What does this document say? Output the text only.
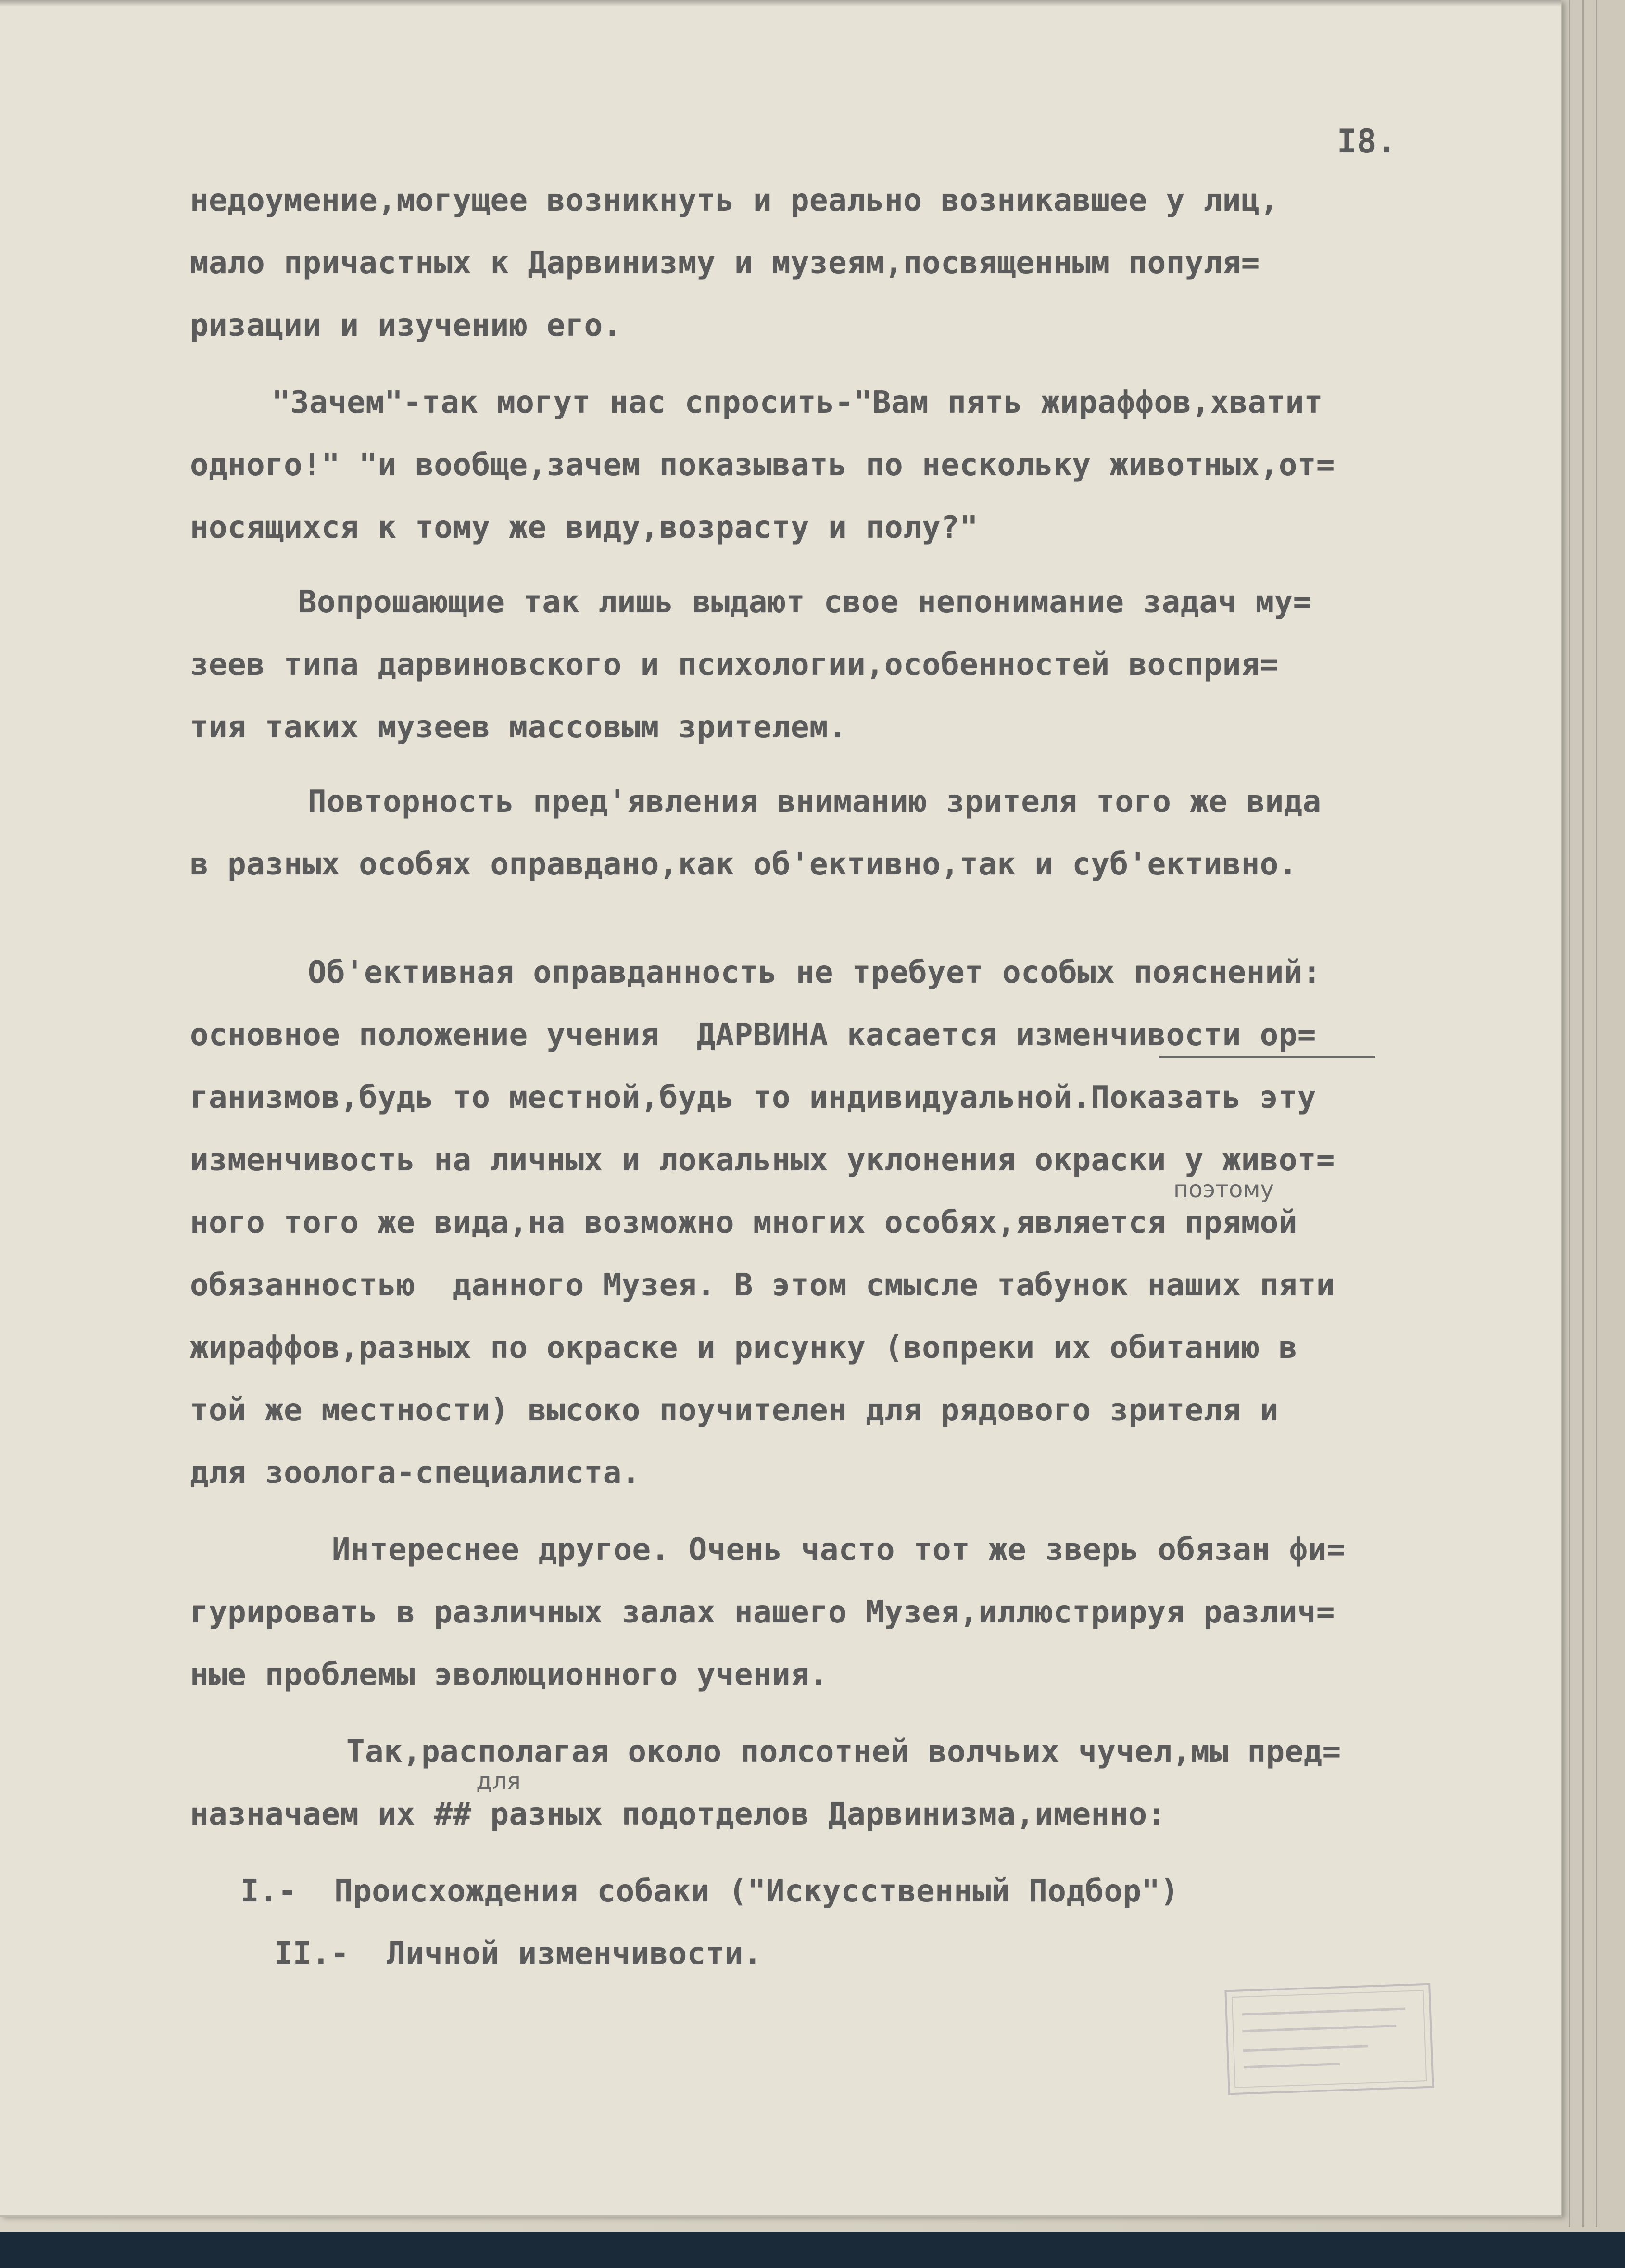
I8.
недоумение,могущее возникнуть и реально возникавшее у лиц,
мало причастных к Дарвинизму и музеям,посвященным популя=
ризации и изучению его.
"Зачем"-так могут нас спросить-"Вам пять жираффов,хватит
одного!" "и вообще,зачем показывать по нескольку животных,от=
носящихся к тому же виду,возрасту и полу?"
Вопрошающие так лишь выдают свое непонимание задач му=
зеев типа дарвиновского и психологии,особенностей восприя=
тия таких музеев массовым зрителем.
Повторность пред'явления вниманию зрителя того же вида
в разных особях оправдано,как об'ективно,так и суб'ективно.
Об'ективная оправданность не требует особых пояснений:
основное положение учения  ДАРВИНА касается изменчивости ор=
ганизмов,будь то местной,будь то индивидуальной.Показать эту
изменчивость на личных и локальных уклонения окраски у живот=
поэтому
ного того же вида,на возможно многих особях,является прямой
обязанностью  данного Музея. В этом смысле табунок наших пяти
жираффов,разных по окраске и рисунку (вопреки их обитанию в
той же местности) высоко поучителен для рядового зрителя и
для зоолога-специалиста.
Интереснее другое. Очень часто тот же зверь обязан фи=
гурировать в различных залах нашего Музея,иллюстрируя различ=
ные проблемы эволюционного учения.
Так,располагая около полсотней волчьих чучел,мы пред=
для
назначаем их ## разных подотделов Дарвинизма,именно:
I.-  Происхождения собаки ("Искусственный Подбор")
II.-  Личной изменчивости.
